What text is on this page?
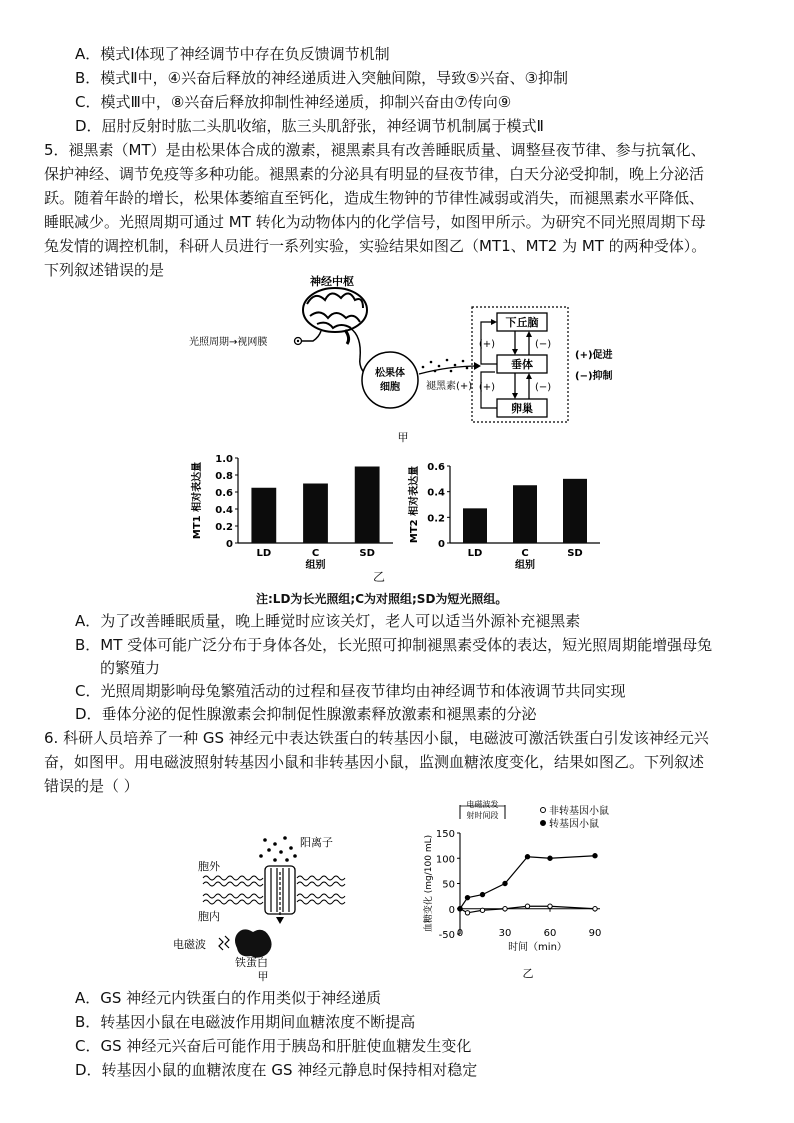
A．模式Ⅰ体现了神经调节中存在负反馈调节机制
B．模式Ⅱ中，④兴奋后释放的神经递质进入突触间隙，导致⑤兴奋、③抑制
C．模式Ⅲ中，⑧兴奋后释放抑制性神经递质，抑制兴奋由⑦传向⑨
D．屈肘反射时肱二头肌收缩，肱三头肌舒张，神经调节机制属于模式Ⅱ
5．褪黑素（MT）是由松果体合成的激素，褪黑素具有改善睡眠质量、调整昼夜节律、参与抗氧化、
保护神经、调节免疫等多种功能。褪黑素的分泌具有明显的昼夜节律，白天分泌受抑制，晚上分泌活
跃。随着年龄的增长，松果体萎缩直至钙化，造成生物钟的节律性减弱或消失，而褪黑素水平降低、
睡眠减少。光照周期可通过 MT 转化为动物体内的化学信号，如图甲所示。为研究不同光照周期下母
兔发情的调控机制，科研人员进行一系列实验，实验结果如图乙（MT1、MT2 为 MT 的两种受体）。
下列叙述错误的是
神经中枢
光照周期→视网膜
松果体
细胞	褪黑素(+)
下丘脑
垂体
卵巢
(+)	(−)
(+)	(−)
(+)促进
(−)抑制
甲
0
0.2
0.4
0.6
0.8
1.0
LD	C	SD
组别
MT1 相对表达量
0
0.2
0.4
0.6
LD	C	SD
组别
MT2 相对表达量
乙
注:LD为长光照组;C为对照组;SD为短光照组。
A．为了改善睡眠质量，晚上睡觉时应该关灯，老人可以适当外源补充褪黑素
B．MT 受体可能广泛分布于身体各处，长光照可抑制褪黑素受体的表达，短光照周期能增强母兔
的繁殖力
C．光照周期影响母兔繁殖活动的过程和昼夜节律均由神经调节和体液调节共同实现
D．垂体分泌的促性腺激素会抑制促性腺激素释放激素和褪黑素的分泌
6. 科研人员培养了一种 GS 神经元中表达铁蛋白的转基因小鼠，电磁波可激活铁蛋白引发该神经元兴
奋，如图甲。用电磁波照射转基因小鼠和非转基因小鼠，监测血糖浓度变化，结果如图乙。下列叙述
错误的是（ ）
阳离子
胞外
胞内
电磁波
铁蛋白
甲
电磁波发
射时间段
-50
0
50
100
150
0	30	60	90
时间（min）
血糖变化 (mg/100 mL)
非转基因小鼠
转基因小鼠
乙
A．GS 神经元内铁蛋白的作用类似于神经递质
B．转基因小鼠在电磁波作用期间血糖浓度不断提高
C．GS 神经元兴奋后可能作用于胰岛和肝脏使血糖发生变化
D．转基因小鼠的血糖浓度在 GS 神经元静息时保持相对稳定
